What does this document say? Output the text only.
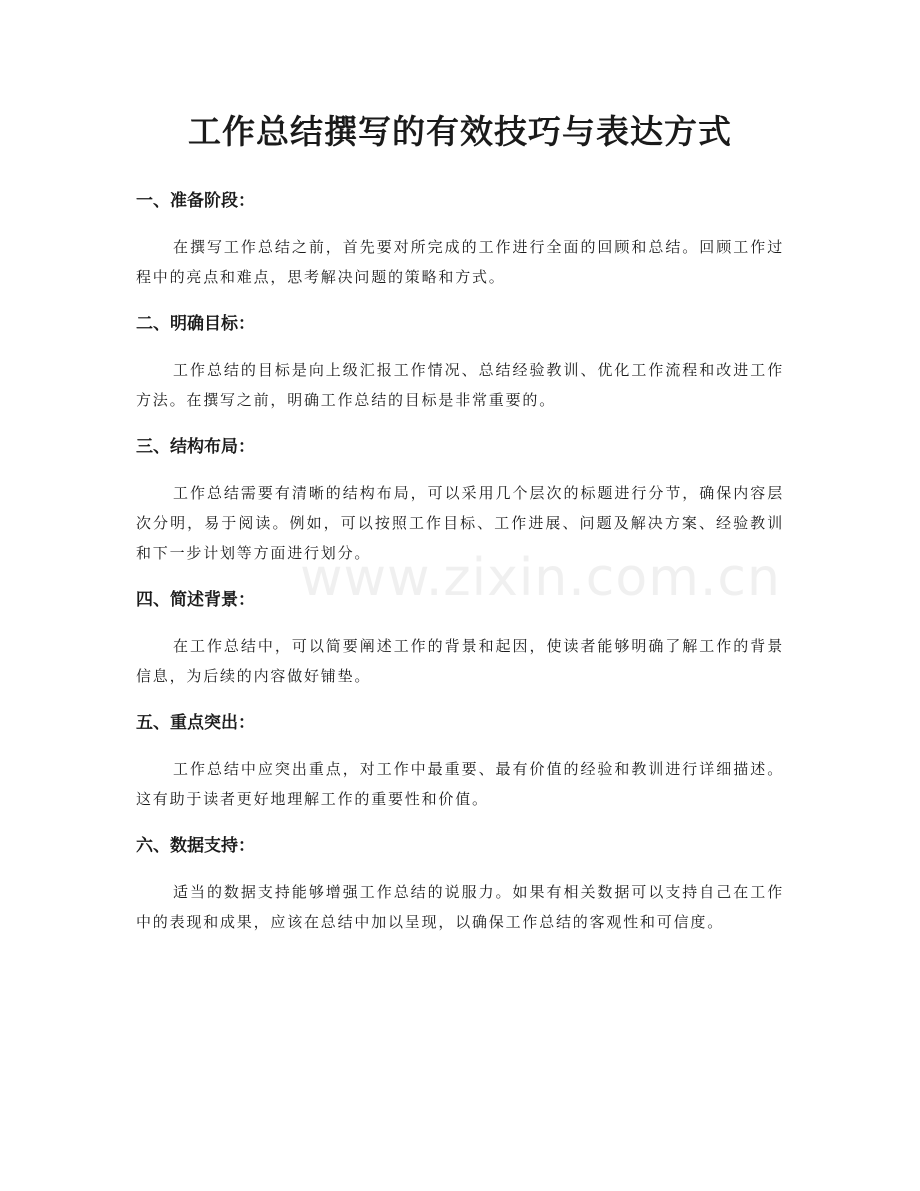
工作总结撰写的有效技巧与表达方式
一、准备阶段：

在撰写工作总结之前，首先要对所完成的工作进行全面的回顾和总结。回顾工作过程中的亮点和难点，思考解决问题的策略和方式。

二、明确目标：

工作总结的目标是向上级汇报工作情况、总结经验教训、优化工作流程和改进工作方法。在撰写之前，明确工作总结的目标是非常重要的。

三、结构布局：

工作总结需要有清晰的结构布局，可以采用几个层次的标题进行分节，确保内容层次分明，易于阅读。例如，可以按照工作目标、工作进展、问题及解决方案、经验教训和下一步计划等方面进行划分。

四、简述背景：

在工作总结中，可以简要阐述工作的背景和起因，使读者能够明确了解工作的背景信息，为后续的内容做好铺垫。

五、重点突出：

工作总结中应突出重点，对工作中最重要、最有价值的经验和教训进行详细描述。这有助于读者更好地理解工作的重要性和价值。

六、数据支持：

适当的数据支持能够增强工作总结的说服力。如果有相关数据可以支持自己在工作中的表现和成果，应该在总结中加以呈现，以确保工作总结的客观性和可信度。

www.zixin.com.cn
